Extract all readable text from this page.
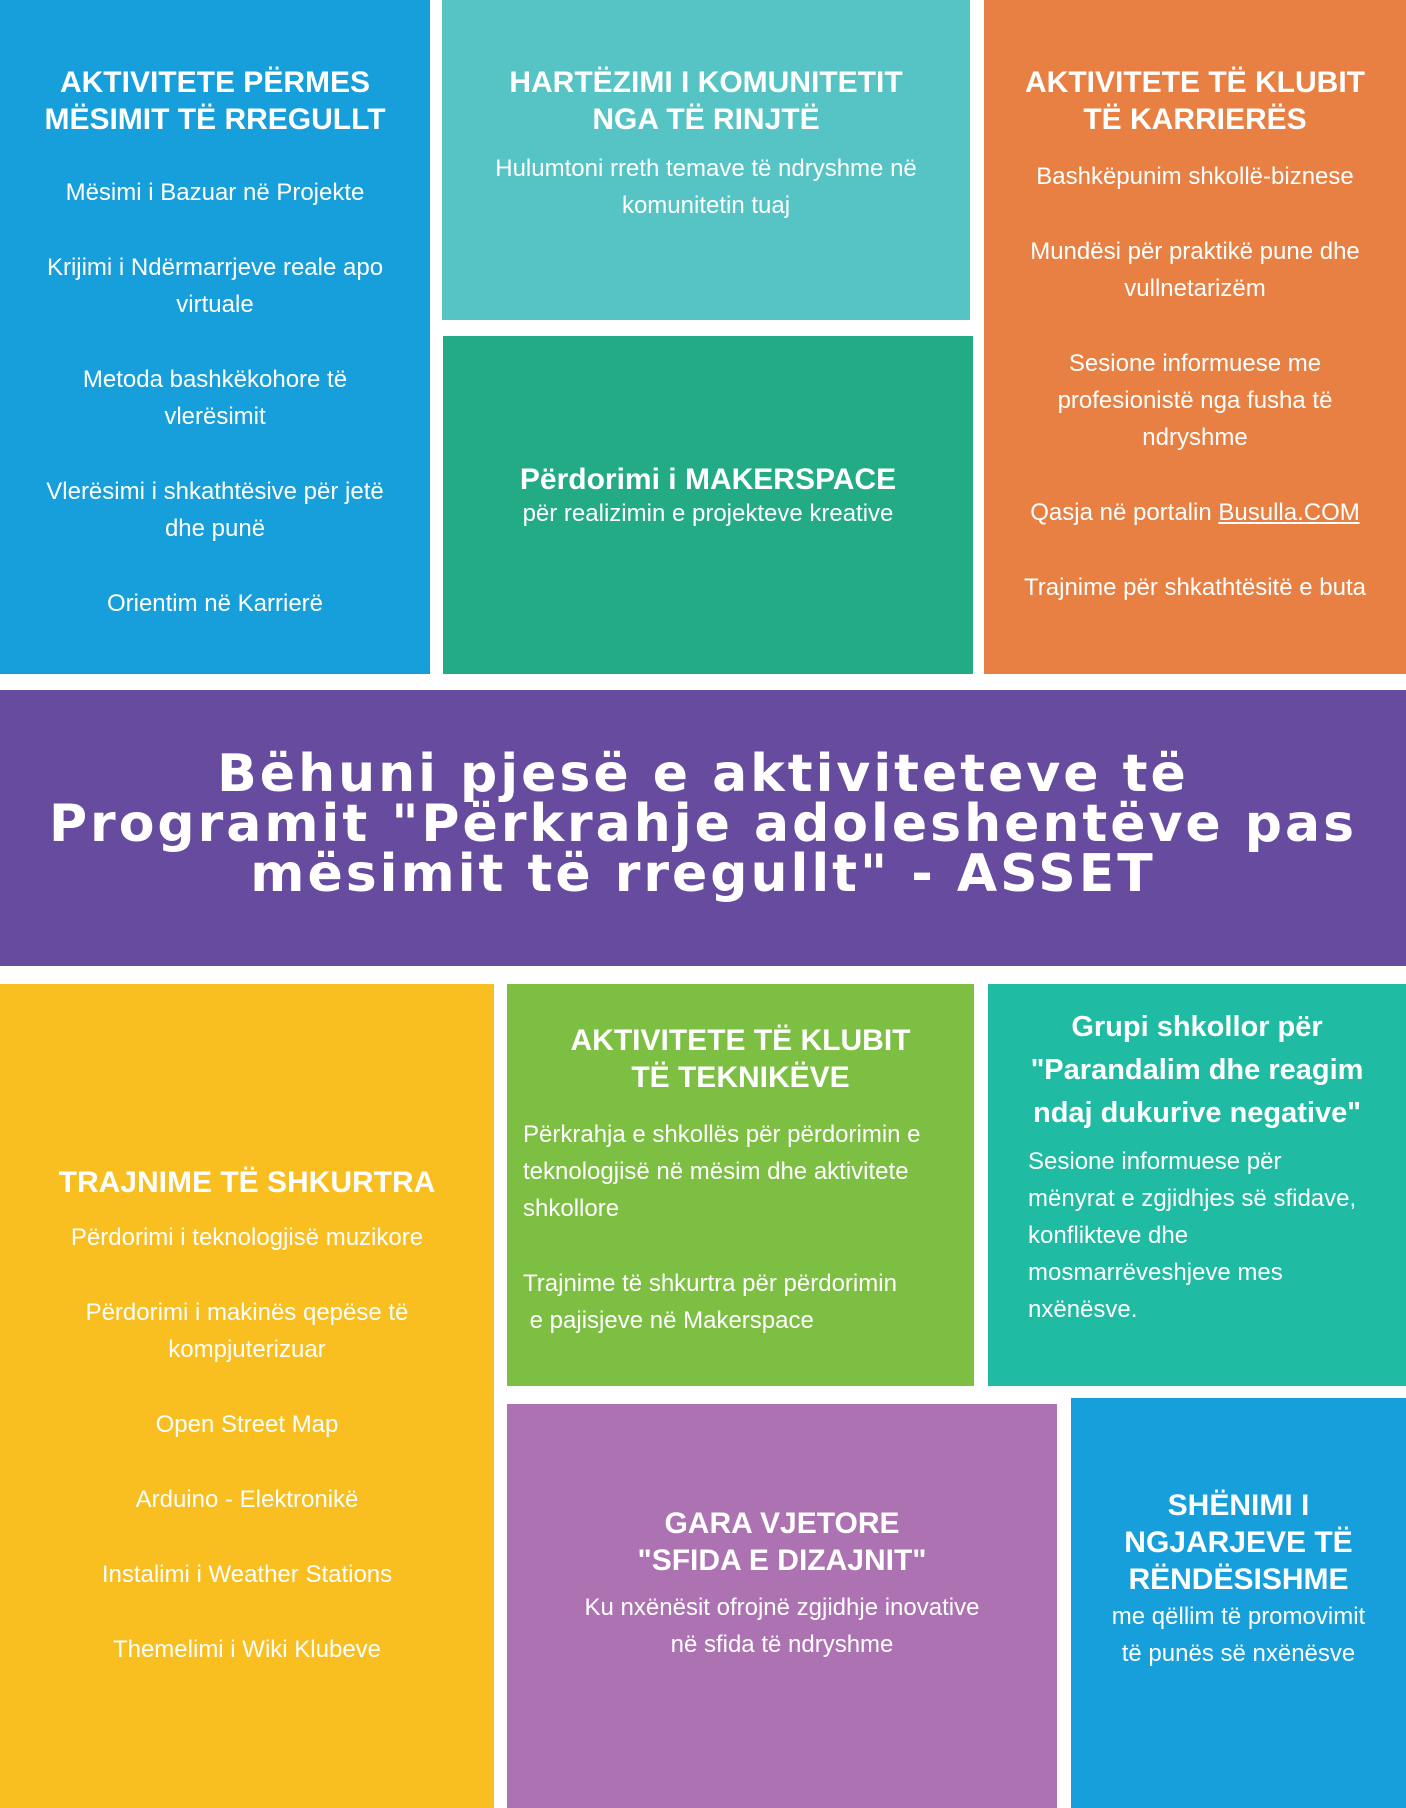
AKTIVITETE PËRMES
MËSIMIT TË RREGULLT

Mësimi i Bazuar në Projekte

Krijimi i Ndërmarrjeve reale apo
virtuale

Metoda bashkëkohore të
vlerësimit

Vlerësimi i shkathtësive për jetë
dhe punë

Orientim në Karrierë

HARTËZIMI I KOMUNITETIT
NGA TË RINJTË

Hulumtoni rreth temave të ndryshme në
komunitetin tuaj

Përdorimi i MAKERSPACE

për realizimin e projekteve kreative

AKTIVITETE TË KLUBIT
TË KARRIERËS

Bashkëpunim shkollë-biznese

Mundësi për praktikë pune dhe
vullnetarizëm

Sesione informuese me
profesionistë nga fusha të
ndryshme

Qasja në portalin Busulla.COM

Trajnime për shkathtësitë e buta

Bëhuni pjesë e aktiviteteve të
Programit "Përkrahje adoleshentëve pas
mësimit të rregullt" - ASSET
TRAJNIME TË SHKURTRA

Përdorimi i teknologjisë muzikore

Përdorimi i makinës qepëse të
kompjuterizuar

Open Street Map

Arduino - Elektronikë

Instalimi i Weather Stations

Themelimi i Wiki Klubeve

AKTIVITETE TË KLUBIT
TË TEKNIKËVE

Përkrahja e shkollës për përdorimin e
teknologjisë në mësim dhe aktivitete
shkollore

Trajnime të shkurtra për përdorimin
e pajisjeve në Makerspace

Grupi shkollor për
"Parandalim dhe reagim
ndaj dukurive negative"

Sesione informuese për
mënyrat e zgjidhjes së sfidave,
konflikteve dhe
mosmarrëveshjeve mes
nxënësve.

GARA VJETORE
"SFIDA E DIZAJNIT"

Ku nxënësit ofrojnë zgjidhje inovative
në sfida të ndryshme

SHËNIMI I
NGJARJEVE TË
RËNDËSISHME

me qëllim të promovimit
të punës së nxënësve
